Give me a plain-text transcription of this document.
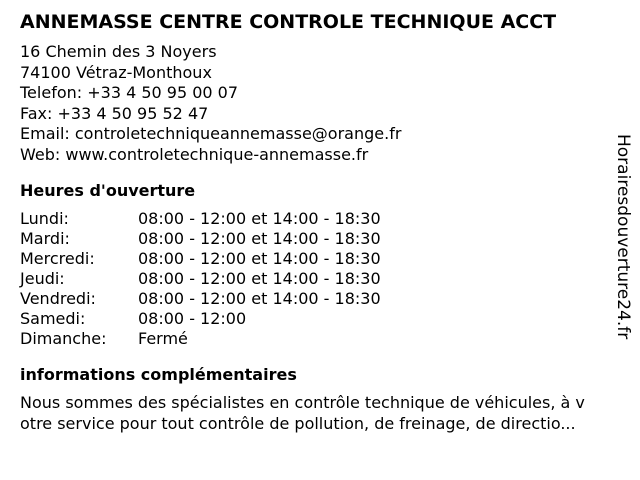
ANNEMASSE CENTRE CONTROLE TECHNIQUE ACCT
16 Chemin des 3 Noyers
74100 Vétraz-Monthoux
Telefon: +33 4 50 95 00 07
Fax: +33 4 50 95 52 47
Email: controletechniqueannemasse@orange.fr
Web: www.controletechnique-annemasse.fr
Heures d'ouverture
Lundi:	08:00 - 12:00 et 14:00 - 18:30
Mardi:	08:00 - 12:00 et 14:00 - 18:30
Mercredi:	08:00 - 12:00 et 14:00 - 18:30
Jeudi:	08:00 - 12:00 et 14:00 - 18:30
Vendredi:	08:00 - 12:00 et 14:00 - 18:30
Samedi:	08:00 - 12:00
Dimanche:	Fermé
informations complémentaires
Nous sommes des spécialistes en contrôle technique de véhicules, à v
otre service pour tout contrôle de pollution, de freinage, de directio...
Horairesdouverture24.fr
